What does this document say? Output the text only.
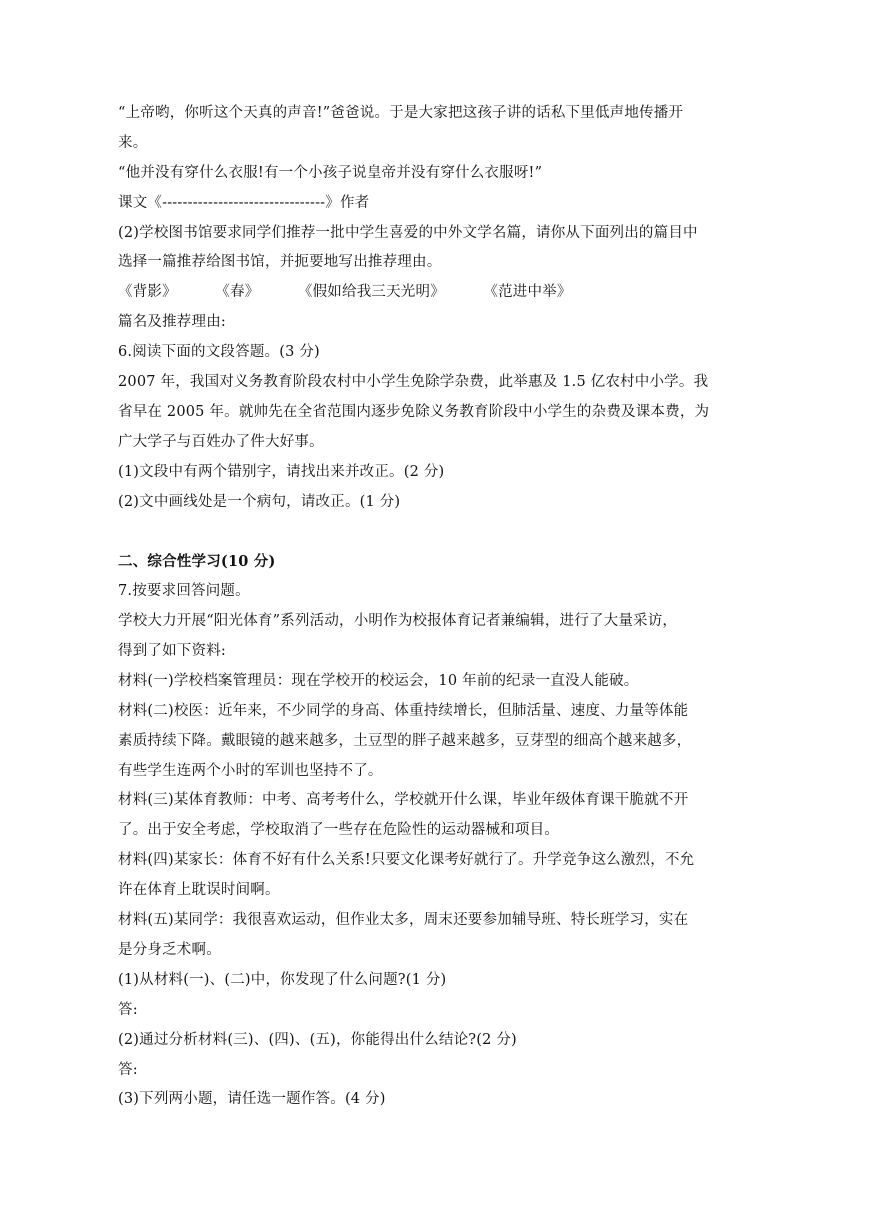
“上帝哟，你听这个天真的声音!”爸爸说。于是大家把这孩子讲的话私下里低声地传播开
来。
“他并没有穿什么衣服!有一个小孩子说皇帝并没有穿什么衣服呀!”
课文《--------------------------------》作者
(2)学校图书馆要求同学们推荐一批中学生喜爱的中外文学名篇，请你从下面列出的篇目中
选择一篇推荐给图书馆，并扼要地写出推荐理由。
《背影》	《春》	《假如给我三天光明》	《范进中举》
篇名及推荐理由:
6.阅读下面的文段答题。(3 分)
2007 年，我国对义务教育阶段农村中小学生免除学杂费，此举惠及 1.5 亿农村中小学。我
省早在 2005 年。就帅先在全省范围内逐步免除义务教育阶段中小学生的杂费及课本费，为
广大学子与百姓办了件大好事。
(1)文段中有两个错别字，请找出来并改正。(2 分)
(2)文中画线处是一个病句，请改正。(1 分)
二、综合性学习(10 分)
7.按要求回答问题。
学校大力开展“阳光体育”系列活动，小明作为校报体育记者兼编辑，进行了大量采访，
得到了如下资料:
材料(一)学校档案管理员：现在学校开的校运会，10 年前的纪录一直没人能破。
材料(二)校医：近年来，不少同学的身高、体重持续增长，但肺活量、速度、力量等体能
素质持续下降。戴眼镜的越来越多，土豆型的胖子越来越多，豆芽型的细高个越来越多，
有些学生连两个小时的军训也坚持不了。
材料(三)某体育教师：中考、高考考什么，学校就开什么课，毕业年级体育课干脆就不开
了。出于安全考虑，学校取消了一些存在危险性的运动器械和项目。
材料(四)某家长：体育不好有什么关系!只要文化课考好就行了。升学竞争这么激烈，不允
许在体育上耽误时间啊。
材料(五)某同学：我很喜欢运动，但作业太多，周末还要参加辅导班、特长班学习，实在
是分身乏术啊。
(1)从材料(一)、(二)中，你发现了什么问题?(1 分)
答:
(2)通过分析材料(三)、(四)、(五)，你能得出什么结论?(2 分)
答:
(3)下列两小题，请任选一题作答。(4 分)
